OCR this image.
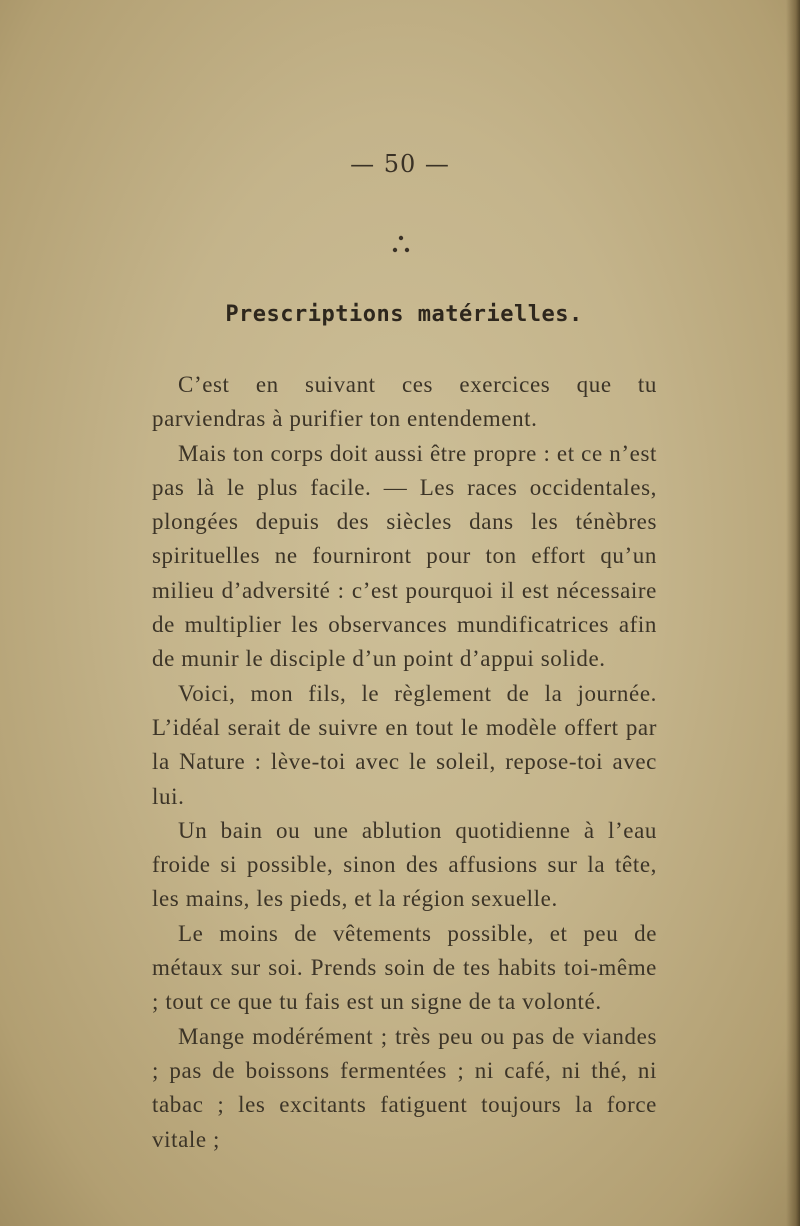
— 50 —
Prescriptions matérielles.

C’est en suivant ces exercices que tu parviendras à purifier ton entendement.

Mais ton corps doit aussi être propre : et ce n’est pas là le plus facile. — Les races occidentales, plongées depuis des siècles dans les ténèbres spirituelles ne fourniront pour ton effort qu’un milieu d’adversité : c’est pourquoi il est nécessaire de multiplier les observances mundificatrices afin de munir le disciple d’un point d’appui solide.

Voici, mon fils, le règlement de la journée. L’idéal serait de suivre en tout le modèle offert par la Nature : lève-toi avec le soleil, repose-toi avec lui.

Un bain ou une ablution quotidienne à l’eau froide si possible, sinon des affusions sur la tête, les mains, les pieds, et la région sexuelle.

Le moins de vêtements possible, et peu de métaux sur soi. Prends soin de tes habits toi-même ; tout ce que tu fais est un signe de ta volonté.

Mange modérément ; très peu ou pas de viandes ; pas de boissons fermentées ; ni café, ni thé, ni tabac ; les excitants fatiguent toujours la force vitale ;
